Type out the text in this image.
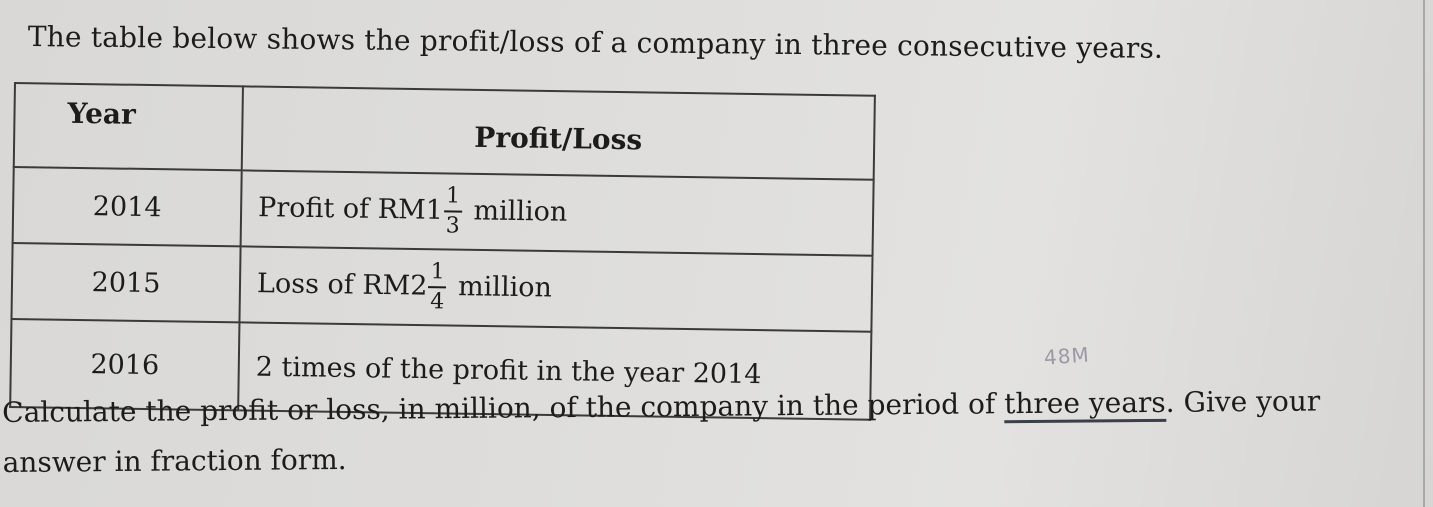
The table below shows the profit/loss of a company in three consecutive years.
Year	Profit/Loss
2014	Profit of $RM1 \frac{1}{3}$ million
2015	Loss of $RM2 \frac{1}{4}$ million
2016	2 times of the profit in the year 2014
Calculate the profit or loss, in million, of the company in the period of three years. Give your
answer in fraction form.
48M
